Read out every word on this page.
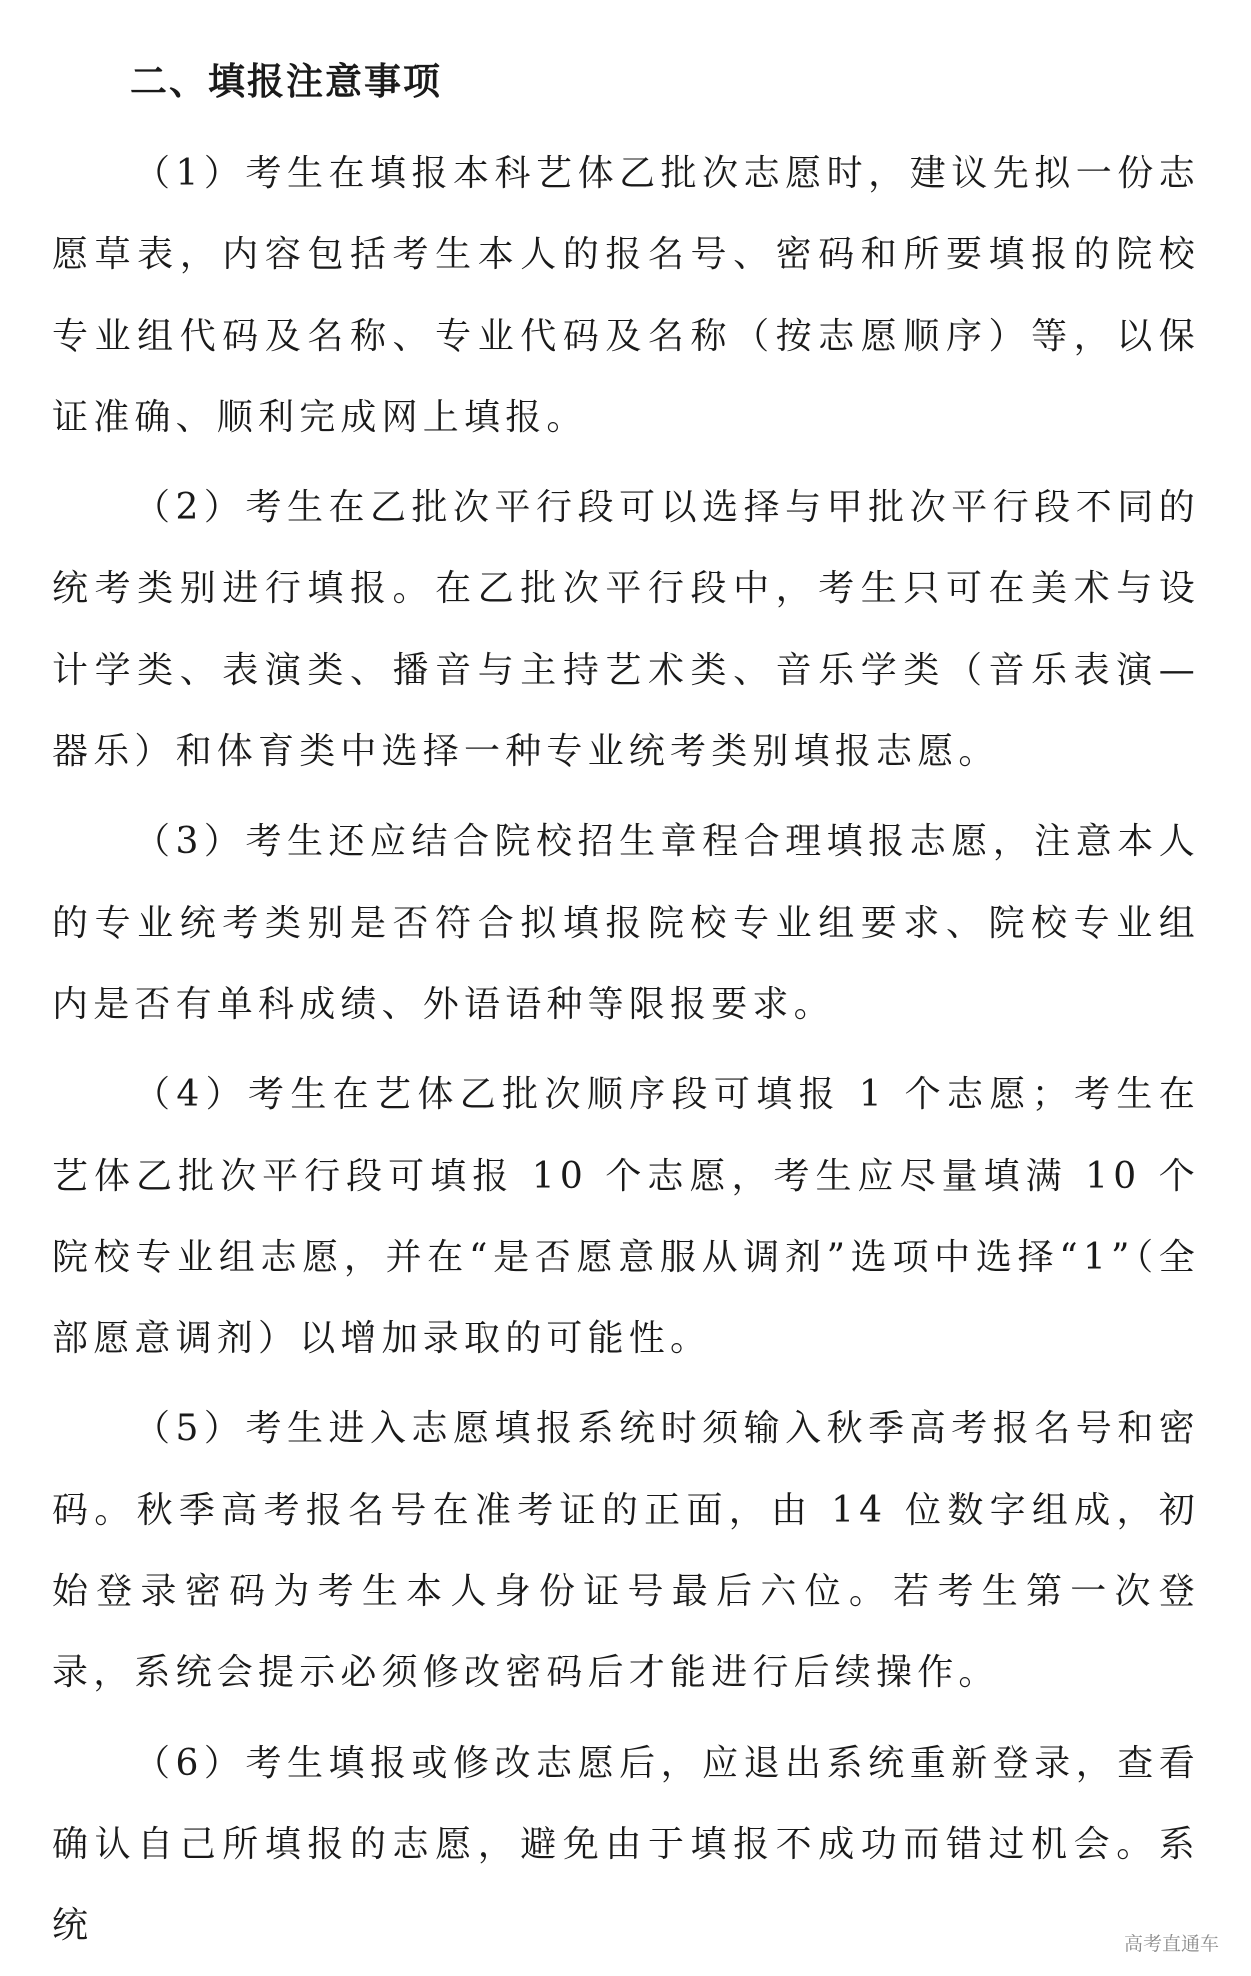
二、填报注意事项

（1）考生在填报本科艺体乙批次志愿时，建议先拟一份志愿草表，内容包括考生本人的报名号、密码和所要填报的院校专业组代码及名称、专业代码及名称（按志愿顺序）等，以保证准确、顺利完成网上填报。

（2）考生在乙批次平行段可以选择与甲批次平行段不同的统考类别进行填报。在乙批次平行段中，考生只可在美术与设计学类、表演类、播音与主持艺术类、音乐学类（音乐表演—器乐）和体育类中选择一种专业统考类别填报志愿。

（3）考生还应结合院校招生章程合理填报志愿，注意本人的专业统考类别是否符合拟填报院校专业组要求、院校专业组内是否有单科成绩、外语语种等限报要求。

（4）考生在艺体乙批次顺序段可填报 1 个志愿；考生在艺体乙批次平行段可填报 10 个志愿，考生应尽量填满 10 个院校专业组志愿，并在“是否愿意服从调剂”选项中选择“1”（全部愿意调剂）以增加录取的可能性。

（5）考生进入志愿填报系统时须输入秋季高考报名号和密码。秋季高考报名号在准考证的正面，由 14 位数字组成，初始登录密码为考生本人身份证号最后六位。若考生第一次登录，系统会提示必须修改密码后才能进行后续操作。

（6）考生填报或修改志愿后，应退出系统重新登录，查看确认自己所填报的志愿，避免由于填报不成功而错过机会。系统	高考直通车
